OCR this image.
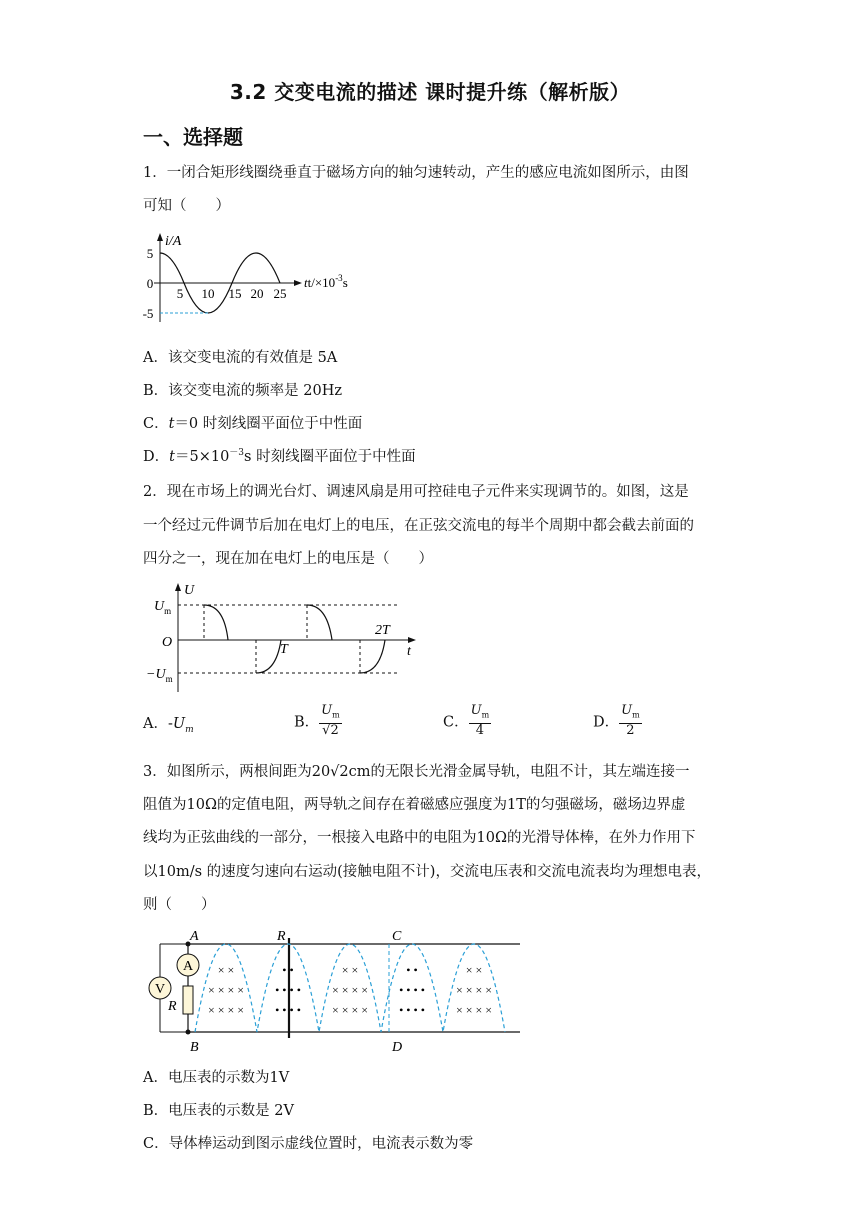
3.2 交变电流的描述 课时提升练（解析版）
一、选择题
1．一闭合矩形线圈绕垂直于磁场方向的轴匀速转动，产生的感应电流如图所示，由图
可知（　　）
i/A
5
0
-5
5 10 15 20 25
$tt/\times 10^{-3}s$
A．该交变电流的有效值是 5A
B．该交变电流的频率是 20Hz
C．t＝0 时刻线圈平面位于中性面
D．$t=5\times 10^{-3}s$ 时刻线圈平面位于中性面
2．现在市场上的调光台灯、调速风扇是用可控硅电子元件来实现调节的。如图，这是
一个经过元件调节后加在电灯上的电压，在正弦交流电的每半个周期中都会截去前面的
四分之一，现在加在电灯上的电压是（　　）
U
t
O
$U_m$
$-U_m$
T
2T
A．$-U_m$	B． $\frac{U_m}{√2}$	C． $\frac{U_m}{4}$	D． $\frac{U_m}{2}$
3．如图所示，两根间距为20√2cm的无限长光滑金属导轨，电阻不计，其左端连接一
阻值为10Ω的定值电阻，两导轨之间存在着磁感应强度为1T的匀强磁场，磁场边界虚
线均为正弦曲线的一部分，一根接入电路中的电阻为10Ω的光滑导体棒，在外力作用下
以10m/s 的速度匀速向右运动(接触电阻不计)，交流电压表和交流电流表均为理想电表，
则（　　）
V
A
A
B
R
R	C
D
× ×
× × × ×
× × × ×
• •
• • • •
• • • •
× ×
× × × ×
× × × ×
• •
• • • •
• • • •
× ×
× × × ×
× × × ×
A．电压表的示数为1V
B．电压表的示数是 2V
C．导体棒运动到图示虚线位置时，电流表示数为零
